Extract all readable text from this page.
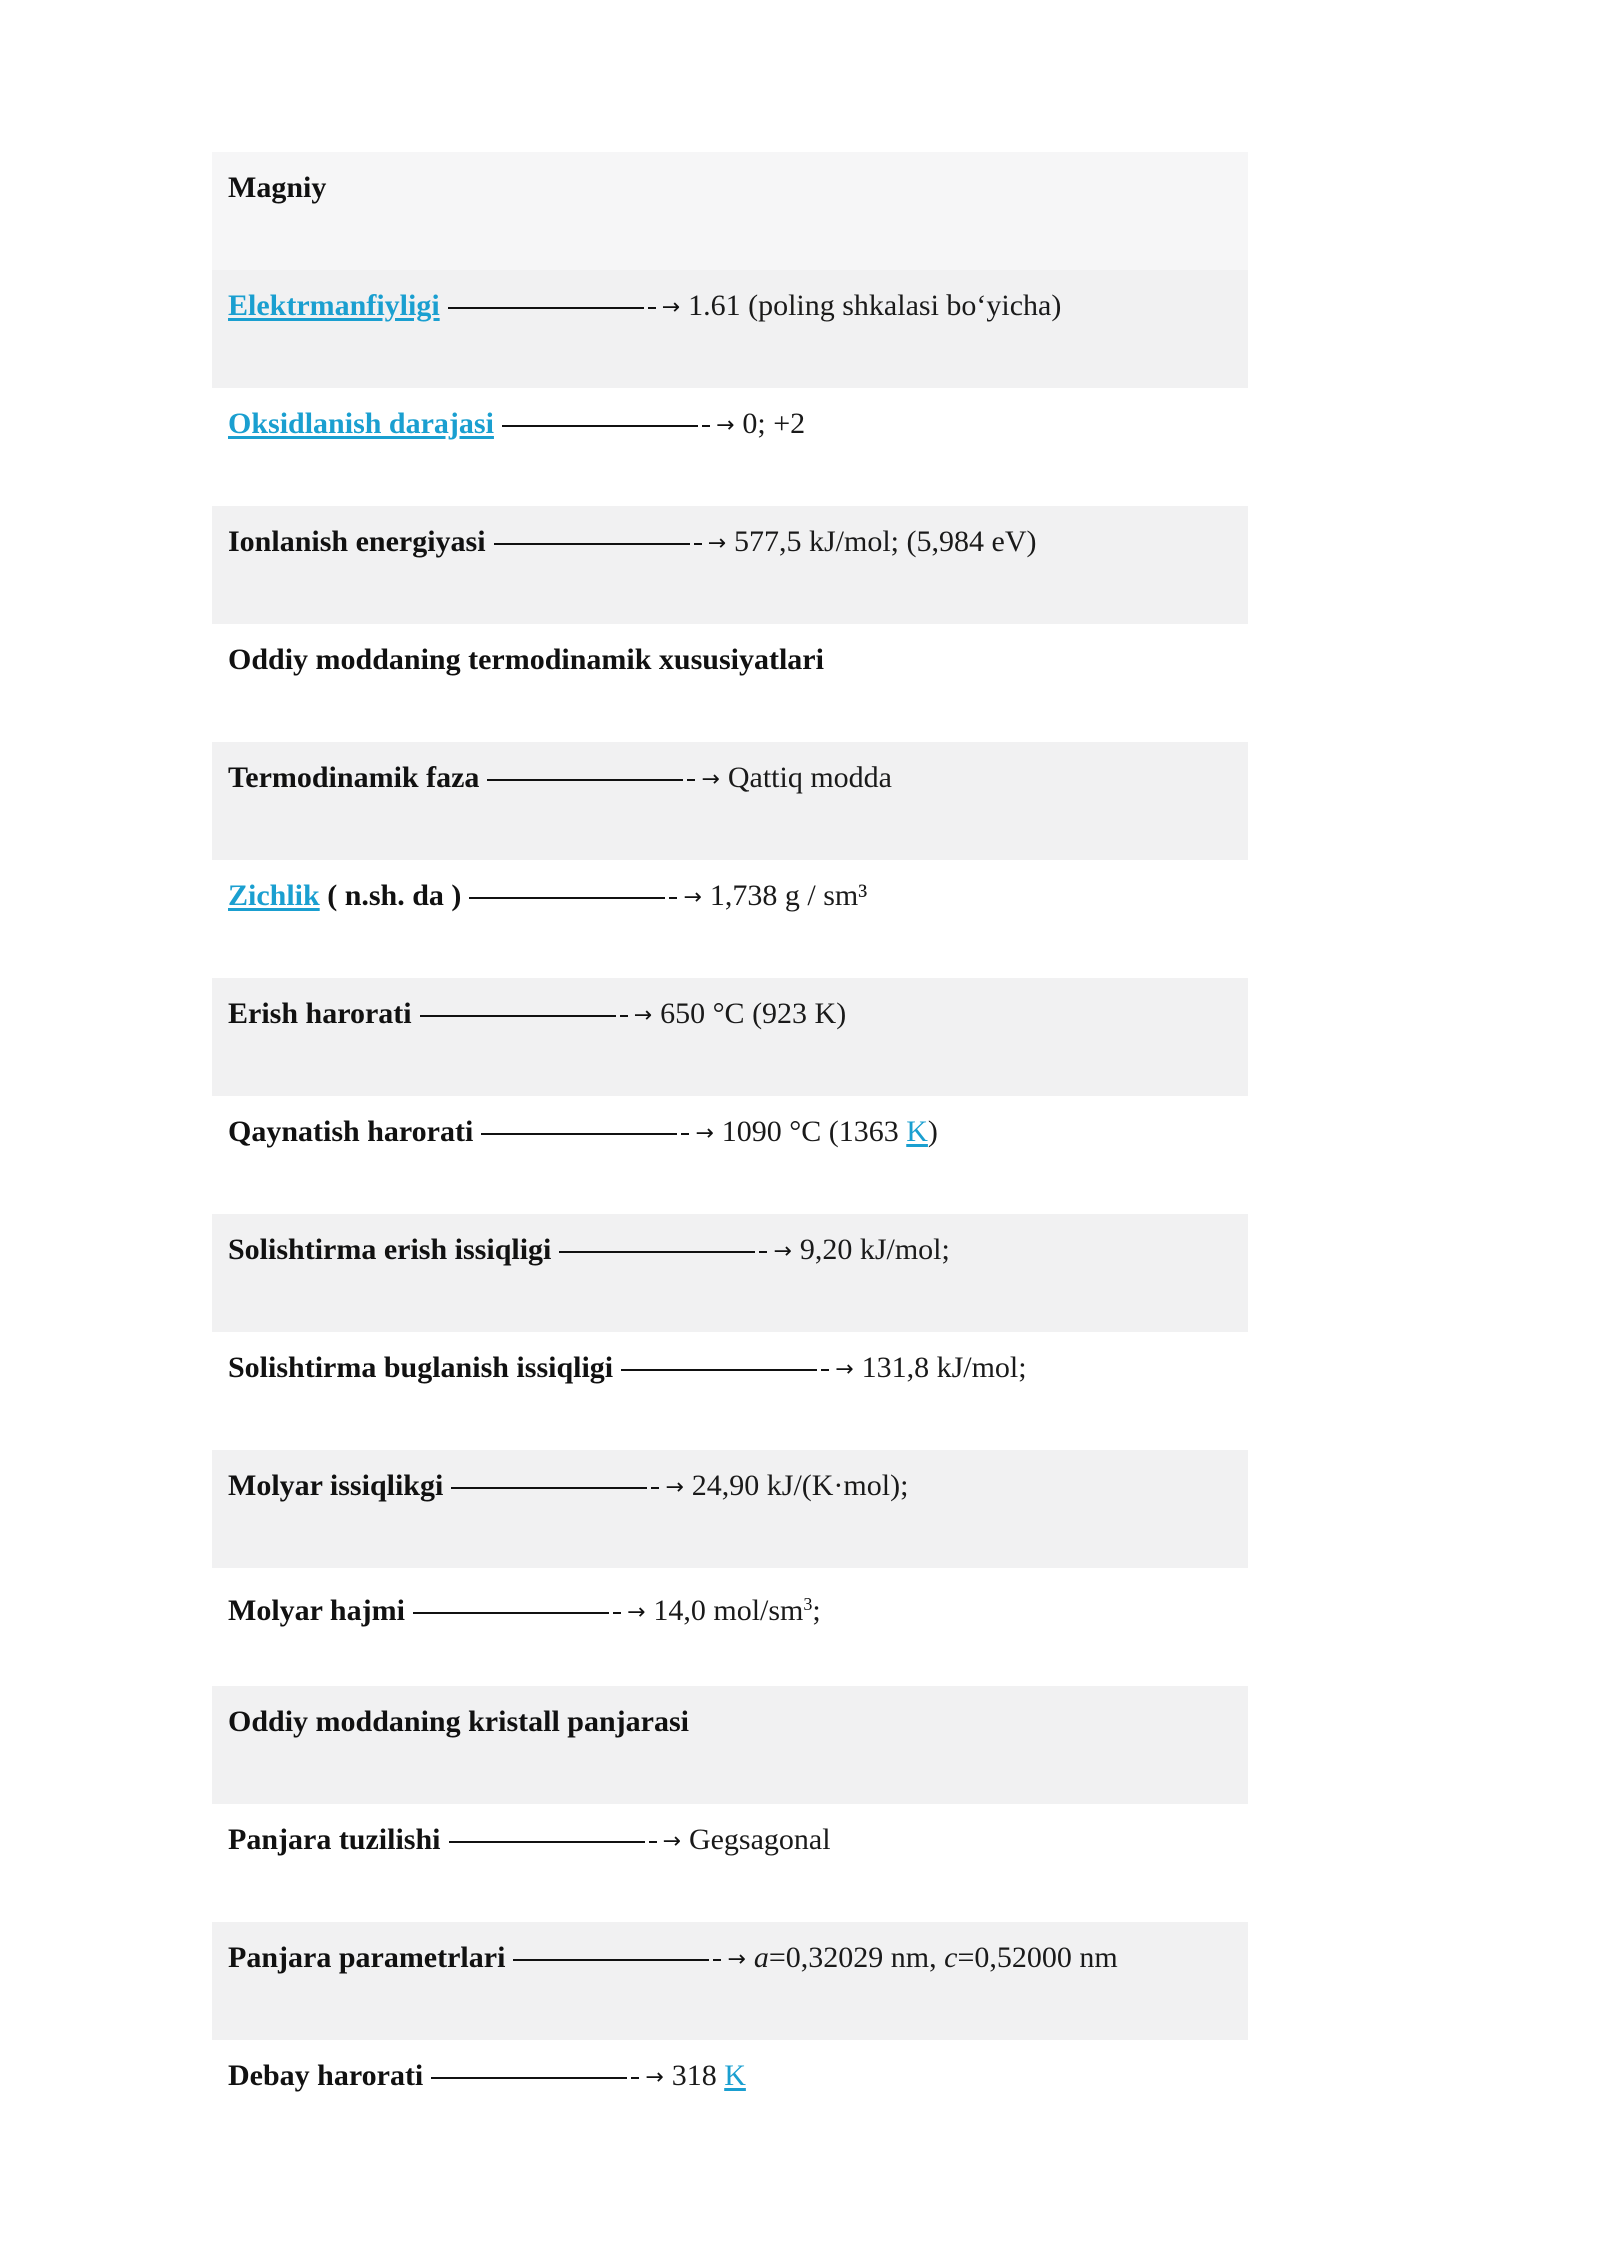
Magniy
Elektrmanfiyligi	→ 1.61 (poling shkalasi bo‘yicha)
Oksidlanish darajasi	→ 0; +2
Ionlanish energiyasi	→ 577,5 kJ/mol; (5,984 eV)
Oddiy moddaning termodinamik xususiyatlari
Termodinamik faza	→ Qattiq modda
Zichlik ( n.sh. da )	→ 1,738 g / sm³
Erish harorati	→ 650 °C (923 K)
Qaynatish harorati	→ 1090 °C (1363 K)
Solishtirma erish issiqligi	→ 9,20 kJ/mol;
Solishtirma buglanish issiqligi	→ 131,8 kJ/mol;
Molyar issiqlikgi	→ 24,90 kJ/(K·mol);
Molyar hajmi	→ 14,0 mol/$sm^3$;
Oddiy moddaning kristall panjarasi
Panjara tuzilishi	→ Gegsagonal
Panjara parametrlari	→ a=0,32029 nm, c=0,52000 nm
Debay harorati	→ 318 K
